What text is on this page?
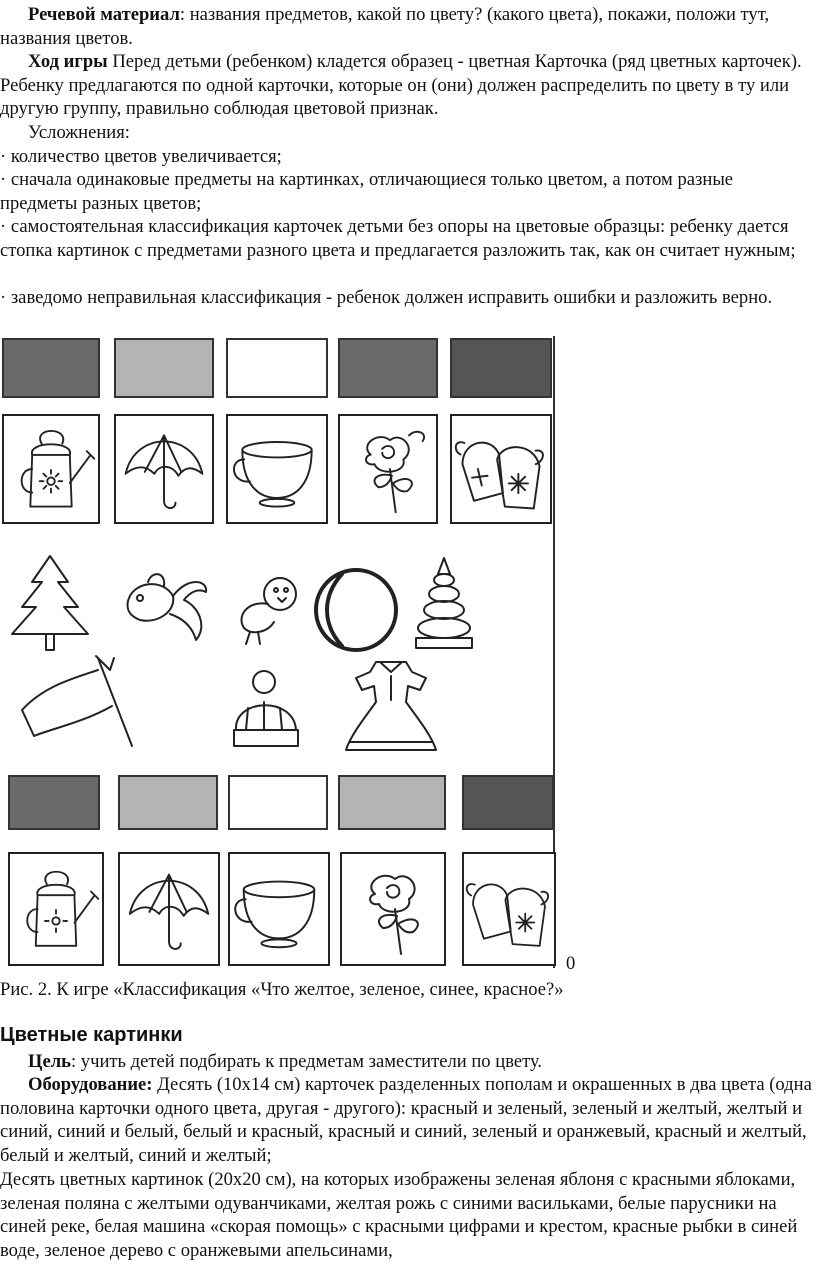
Речевой материал: названия предметов, какой по цвету? (какого цвета), покажи, положи тут, названия цветов.

Ход игры Перед детьми (ребенком) кладется образец - цветная Карточка (ряд цветных карточек). Ребенку предлагаются по одной карточки, которые он (они) должен распределить по цвету в ту или другую группу, правильно соблюдая цветовой признак.

Усложнения:

· количество цветов увеличивается;

· сначала одинаковые предметы на картинках, отличающиеся только цветом, а потом разные предметы разных цветов;

· самостоятельная классификация карточек детьми без опоры на цветовые образцы: ребенку дается стопка картинок с предметами разного цвета и предлагается разложить так, как он считает нужным;

· заведомо неправильная классификация - ребенок должен исправить ошибки и разложить верно.

0

Рис. 2. К игре «Классификация «Что желтое, зеленое, синее, красное?»

Цветные картинки

Цель: учить детей подбирать к предметам заместители по цвету.

Оборудование: Десять (10х14 см) карточек разделенных пополам и окрашенных в два цвета (одна половина карточки одного цвета, другая - другого): красный и зеленый, зеленый и желтый, желтый и синий, синий и белый, белый и красный, красный и синий, зеленый и оранжевый, красный и желтый, белый и желтый, синий и желтый;

Десять цветных картинок (20х20 см), на которых изображены зеленая яблоня с красными яблоками, зеленая поляна с желтыми одуванчиками, желтая рожь с синими васильками, белые парусники на синей реке, белая машина «скорая помощь» с красными цифрами и крестом, красные рыбки в синей воде, зеленое дерево с оранжевыми апельсинами,
